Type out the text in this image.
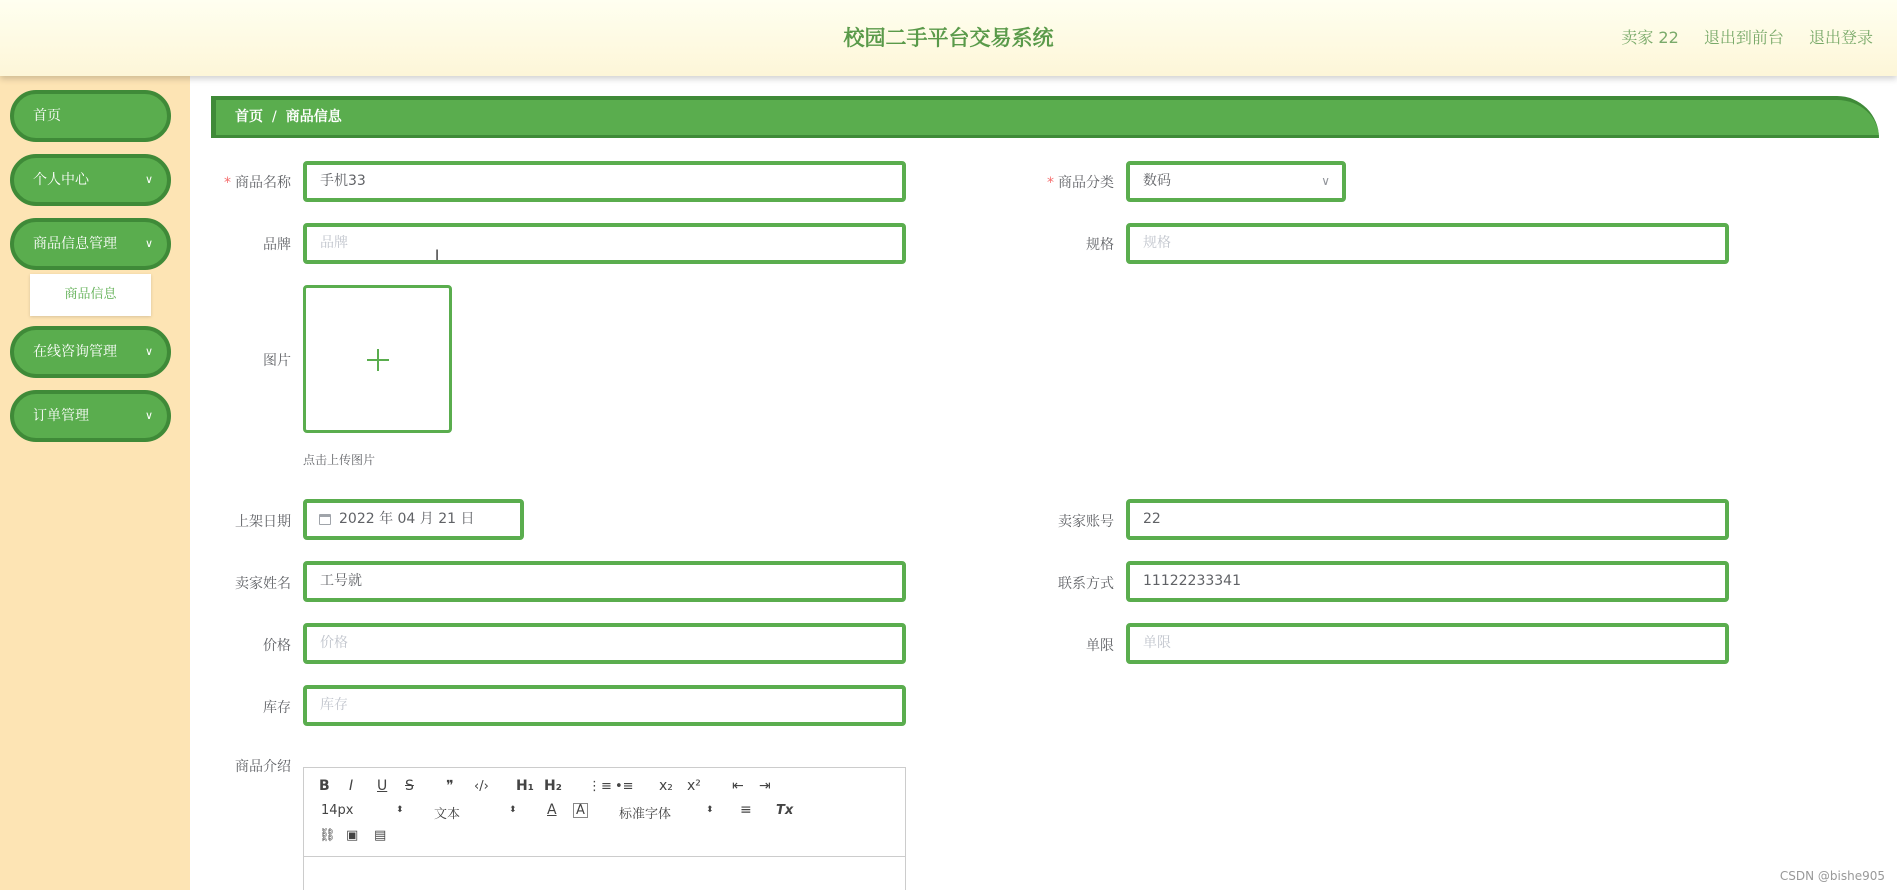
校园二手平台交易系统	卖家 22 退出到前台 退出登录
首页
个人中心	∨
商品信息管理	∨
商品信息
在线咨询管理	∨
订单管理	∨
首页 / 商品信息
* 商品名称	手机33	* 商品分类	数码	∨
品牌	品牌
I
规格	规格
图片
点击上传图片
上架日期	2022 年 04 月 21 日	卖家账号	22
卖家姓名	工号就	联系方式	11122233341
价格	价格	单限	单限
库存	库存
商品介绍
B I U S ❞ ‹/› H₁ H₂ ⋮≡ •≡ x₂ x² ⇤ ⇥
14px	⬍ 文本	⬍ A A	标准字体	⬍ ≡ Tx
⛓ ▣ ▤
CSDN @bishe905
